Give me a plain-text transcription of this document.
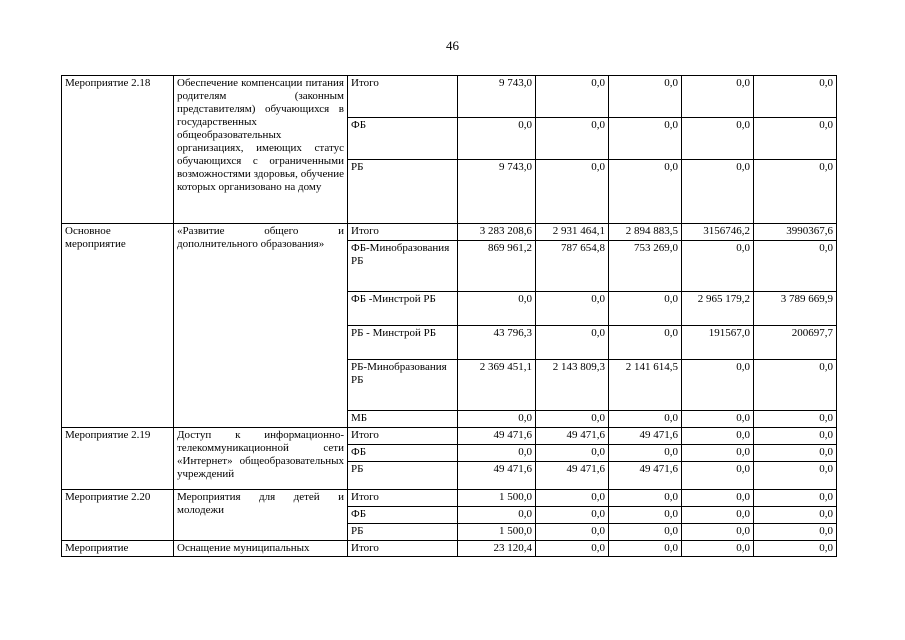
46
Мероприятие 2.18	Обеспечение компенсации питания родителям (законным представителям) обучающихся в государственных общеобразовательных организациях, имеющих статус обучающихся с ограниченными возможностями здоровья, обучение которых организовано на дому	Итого	9 743,0	0,0	0,0	0,0	0,0
		ФБ	0,0	0,0	0,0	0,0	0,0
		РБ	9 743,0	0,0	0,0	0,0	0,0
Основное мероприятие	«Развитие общего и дополнительного образования»	Итого	3 283 208,6	2 931 464,1	2 894 883,5	3156746,2	3990367,6
		ФБ-Минобразования РБ	869 961,2	787 654,8	753 269,0	0,0	0,0
		ФБ -Минстрой РБ	0,0	0,0	0,0	2 965 179,2	3 789 669,9
		РБ - Минстрой РБ	43 796,3	0,0	0,0	191567,0	200697,7
		РБ-Минобразования РБ	2 369 451,1	2 143 809,3	2 141 614,5	0,0	0,0
		МБ	0,0	0,0	0,0	0,0	0,0
Мероприятие 2.19	Доступ к информационно-телекоммуникационной сети «Интернет» общеобразовательных учреждений	Итого	49 471,6	49 471,6	49 471,6	0,0	0,0
		ФБ	0,0	0,0	0,0	0,0	0,0
		РБ	49 471,6	49 471,6	49 471,6	0,0	0,0
Мероприятие 2.20	Мероприятия для детей и молодежи	Итого	1 500,0	0,0	0,0	0,0	0,0
		ФБ	0,0	0,0	0,0	0,0	0,0
		РБ	1 500,0	0,0	0,0	0,0	0,0
Мероприятие	Оснащение муниципальных	Итого	23 120,4	0,0	0,0	0,0	0,0
